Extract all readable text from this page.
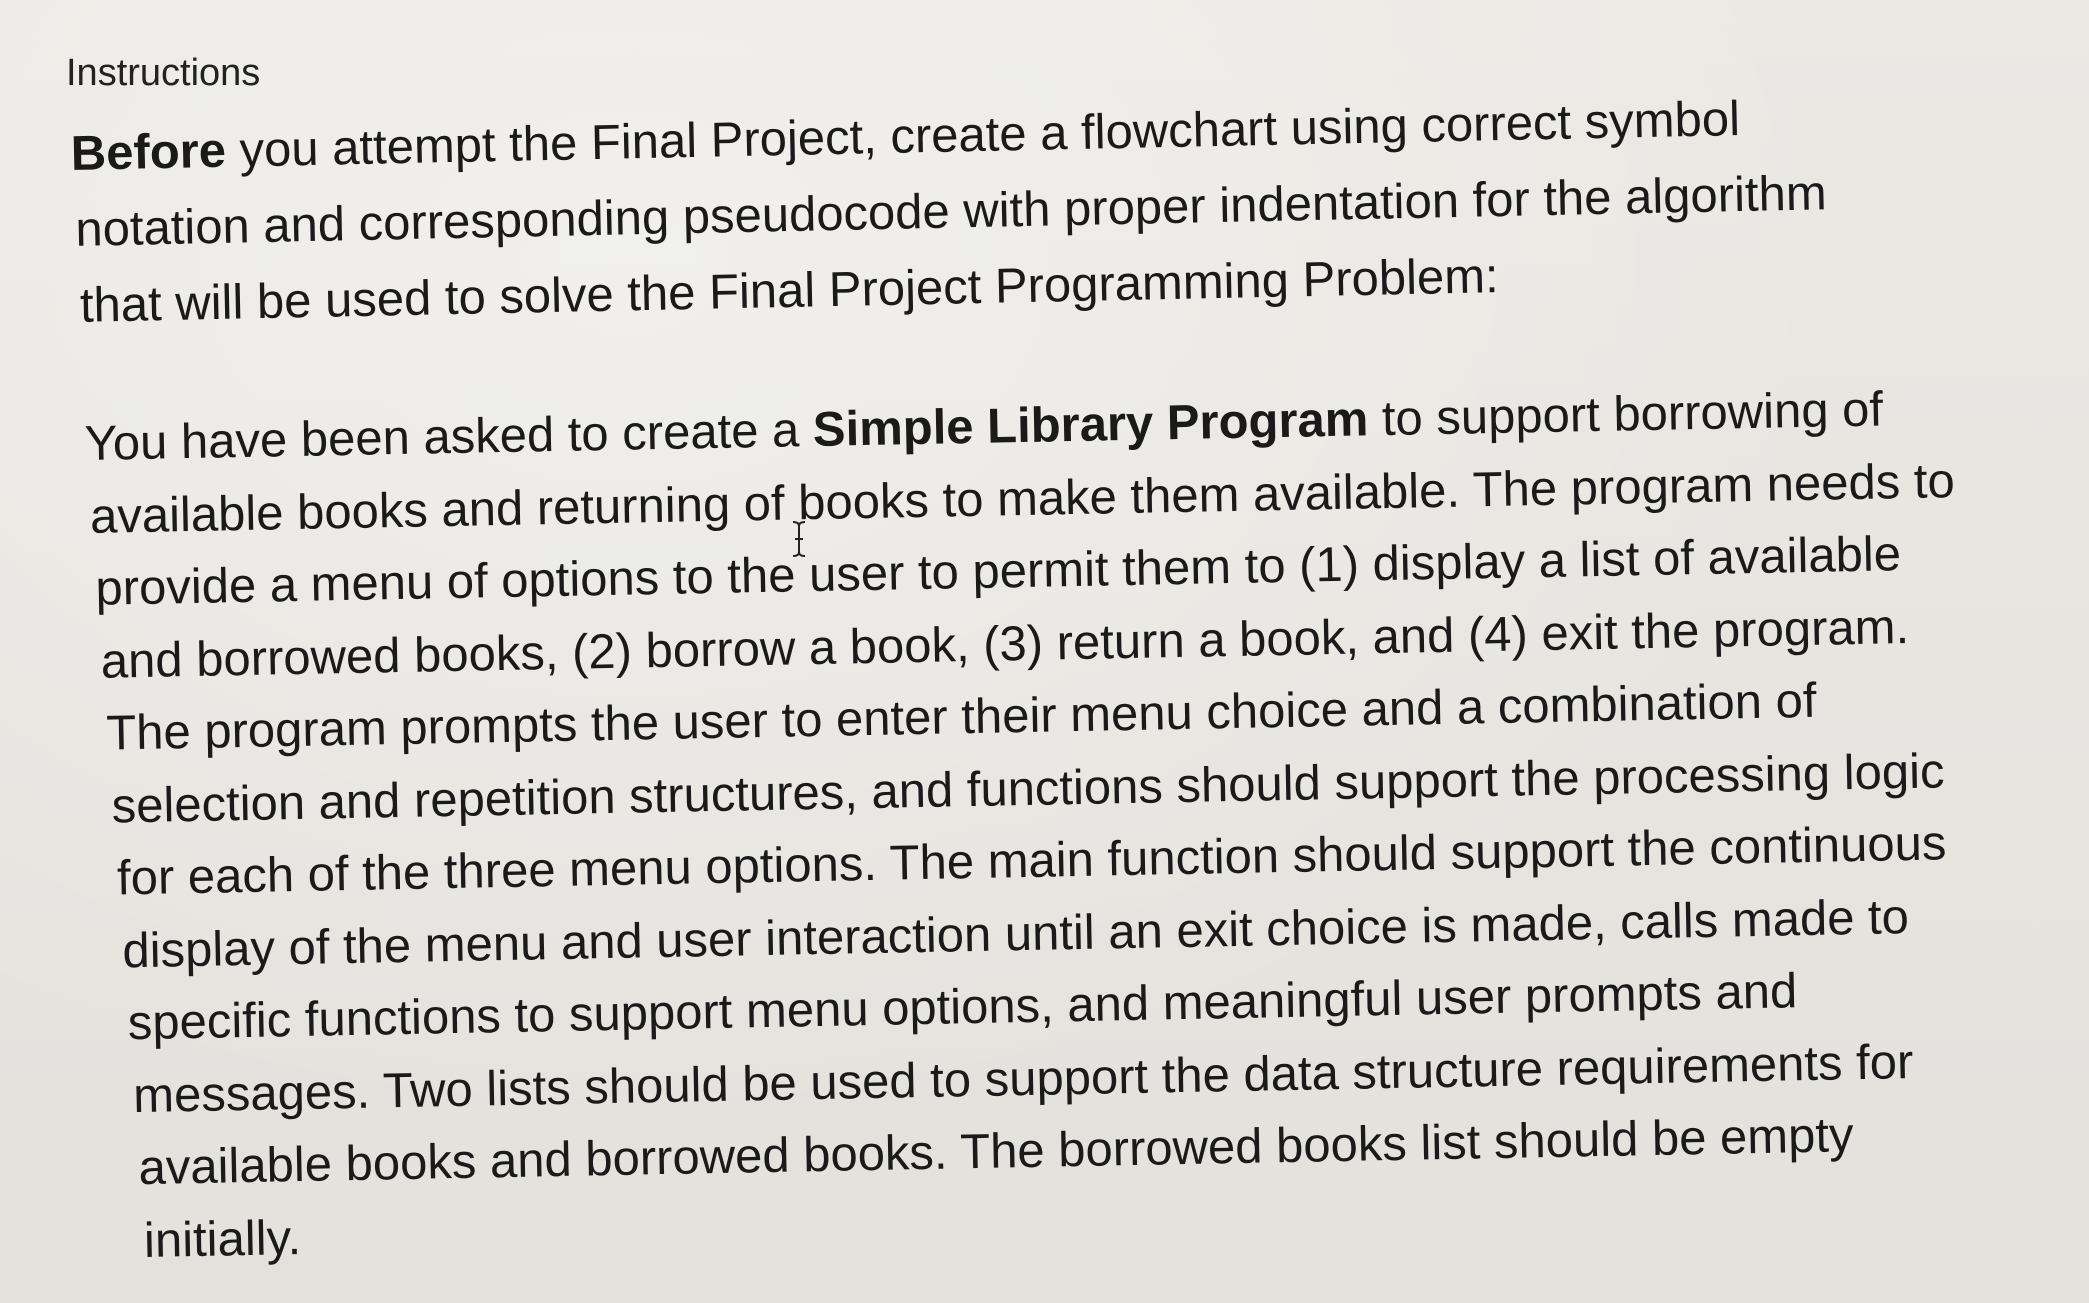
Instructions
Before you attempt the Final Project, create a flowchart using correct symbol
notation and corresponding pseudocode with proper indentation for the algorithm
that will be used to solve the Final Project Programming Problem:
You have been asked to create a Simple Library Program to support borrowing of
available books and returning of books to make them available. The program needs to
provide a menu of options to the user to permit them to (1) display a list of available
and borrowed books, (2) borrow a book, (3) return a book, and (4) exit the program.
The program prompts the user to enter their menu choice and a combination of
selection and repetition structures, and functions should support the processing logic
for each of the three menu options. The main function should support the continuous
display of the menu and user interaction until an exit choice is made, calls made to
specific functions to support menu options, and meaningful user prompts and
messages. Two lists should be used to support the data structure requirements for
available books and borrowed books. The borrowed books list should be empty
initially.
